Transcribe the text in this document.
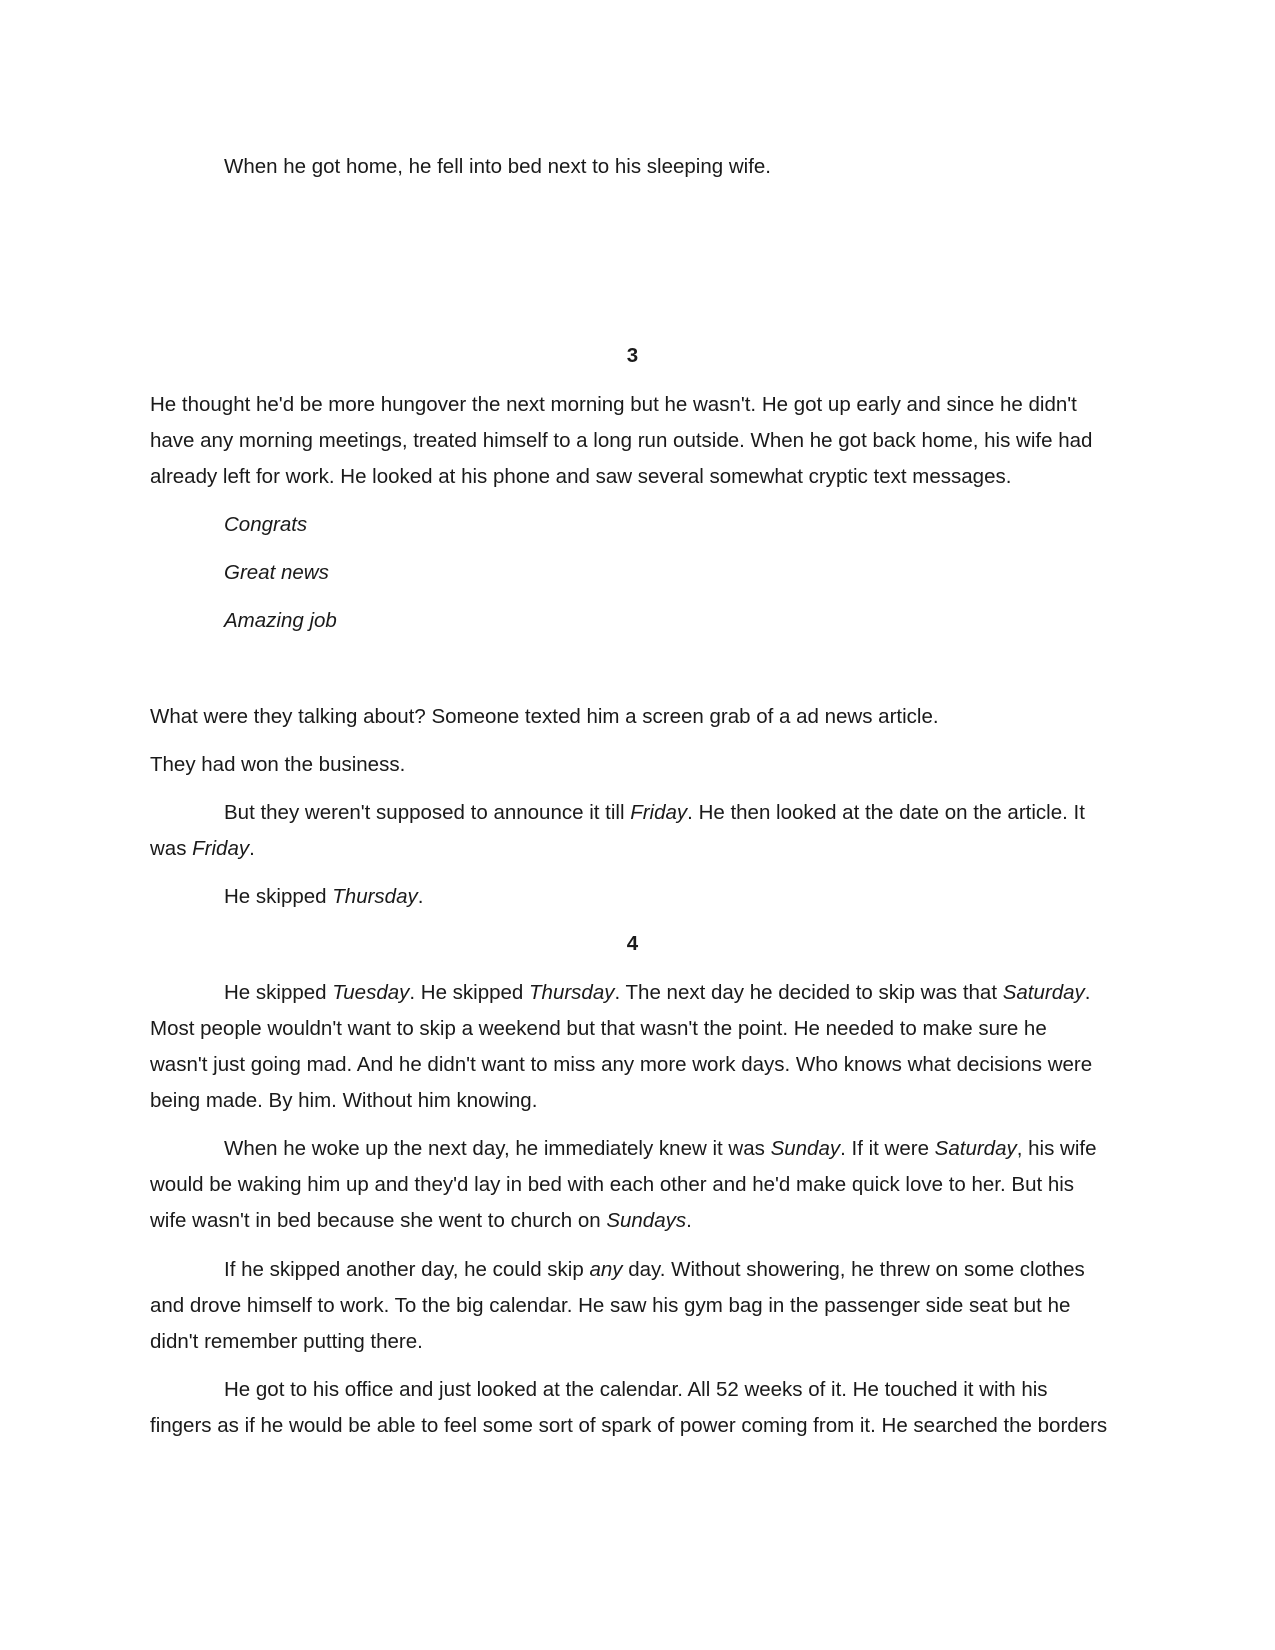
When he got home, he fell into bed next to his sleeping wife.

3

He thought he'd be more hungover the next morning but he wasn't. He got up early and since he didn't

have any morning meetings, treated himself to a long run outside. When he got back home, his wife had

already left for work. He looked at his phone and saw several somewhat cryptic text messages.

Congrats

Great news

Amazing job

What were they talking about? Someone texted him a screen grab of a ad news article.

They had won the business.

But they weren't supposed to announce it till Friday. He then looked at the date on the article. It

was Friday.

He skipped Thursday.

4

He skipped Tuesday. He skipped Thursday. The next day he decided to skip was that Saturday.

Most people wouldn't want to skip a weekend but that wasn't the point. He needed to make sure he

wasn't just going mad. And he didn't want to miss any more work days. Who knows what decisions were

being made. By him. Without him knowing.

When he woke up the next day, he immediately knew it was Sunday. If it were Saturday, his wife

would be waking him up and they'd lay in bed with each other and he'd make quick love to her. But his

wife wasn't in bed because she went to church on Sundays.

If he skipped another day, he could skip any day. Without showering, he threw on some clothes

and drove himself to work. To the big calendar. He saw his gym bag in the passenger side seat but he

didn't remember putting there.

He got to his office and just looked at the calendar. All 52 weeks of it. He touched it with his

fingers as if he would be able to feel some sort of spark of power coming from it. He searched the borders
